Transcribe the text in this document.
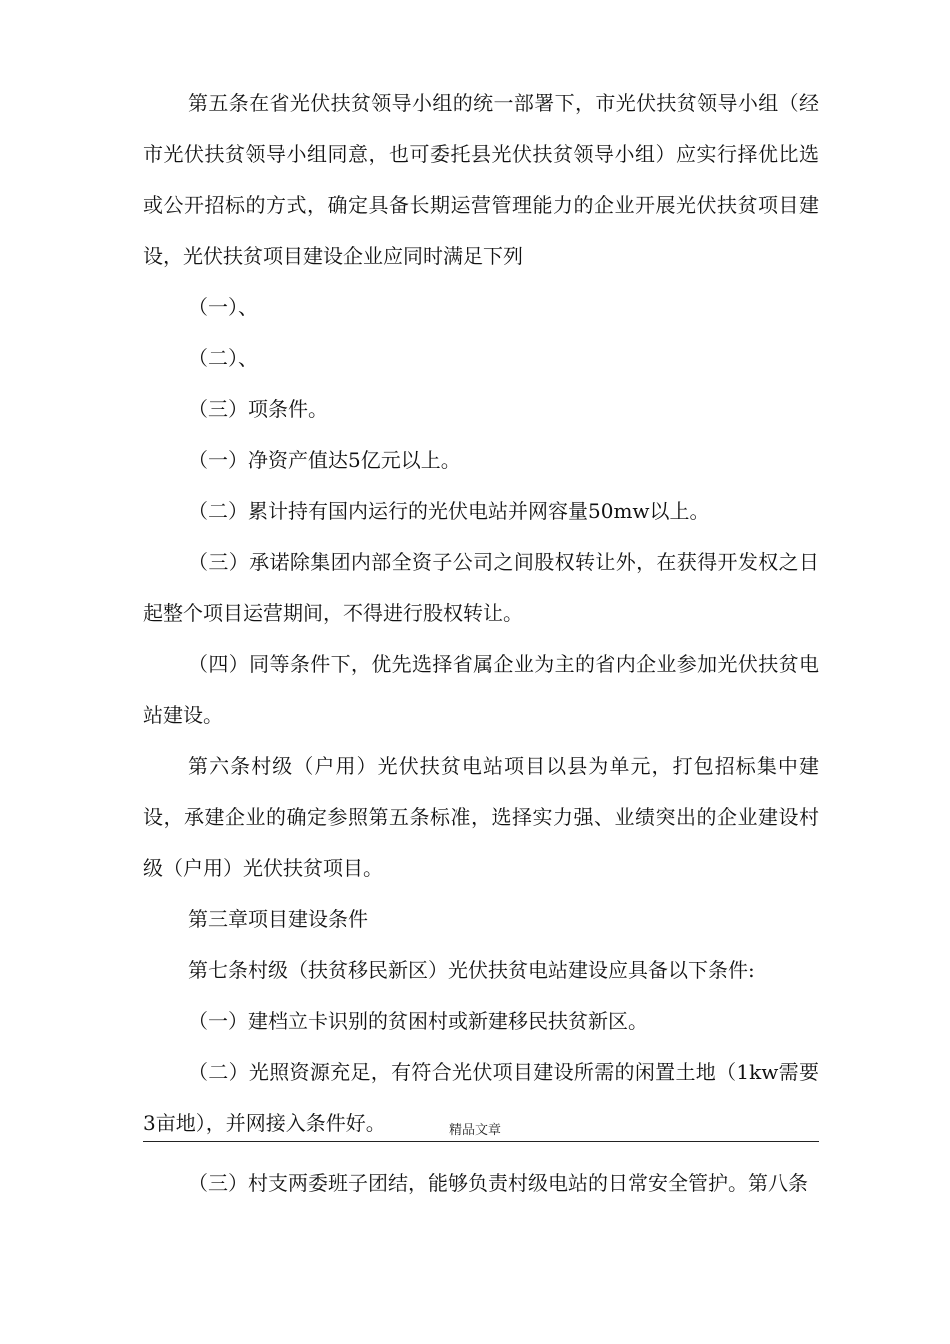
第五条在省光伏扶贫领导小组的统一部署下，市光伏扶贫领导小组（经市光伏扶贫领导小组同意，也可委托县光伏扶贫领导小组）应实行择优比选或公开招标的方式，确定具备长期运营管理能力的企业开展光伏扶贫项目建设，光伏扶贫项目建设企业应同时满足下列

（一）、

（二）、

（三）项条件。

（一）净资产值达5亿元以上。

（二）累计持有国内运行的光伏电站并网容量50mw以上。

（三）承诺除集团内部全资子公司之间股权转让外，在获得开发权之日起整个项目运营期间，不得进行股权转让。

（四）同等条件下，优先选择省属企业为主的省内企业参加光伏扶贫电站建设。

第六条村级（户用）光伏扶贫电站项目以县为单元，打包招标集中建设，承建企业的确定参照第五条标准，选择实力强、业绩突出的企业建设村级（户用）光伏扶贫项目。

第三章项目建设条件

第七条村级（扶贫移民新区）光伏扶贫电站建设应具备以下条件:

（一）建档立卡识别的贫困村或新建移民扶贫新区。

（二）光照资源充足，有符合光伏项目建设所需的闲置土地（1kw需要3亩地），并网接入条件好。	精品文章

（三）村支两委班子团结，能够负责村级电站的日常安全管护。第八条
